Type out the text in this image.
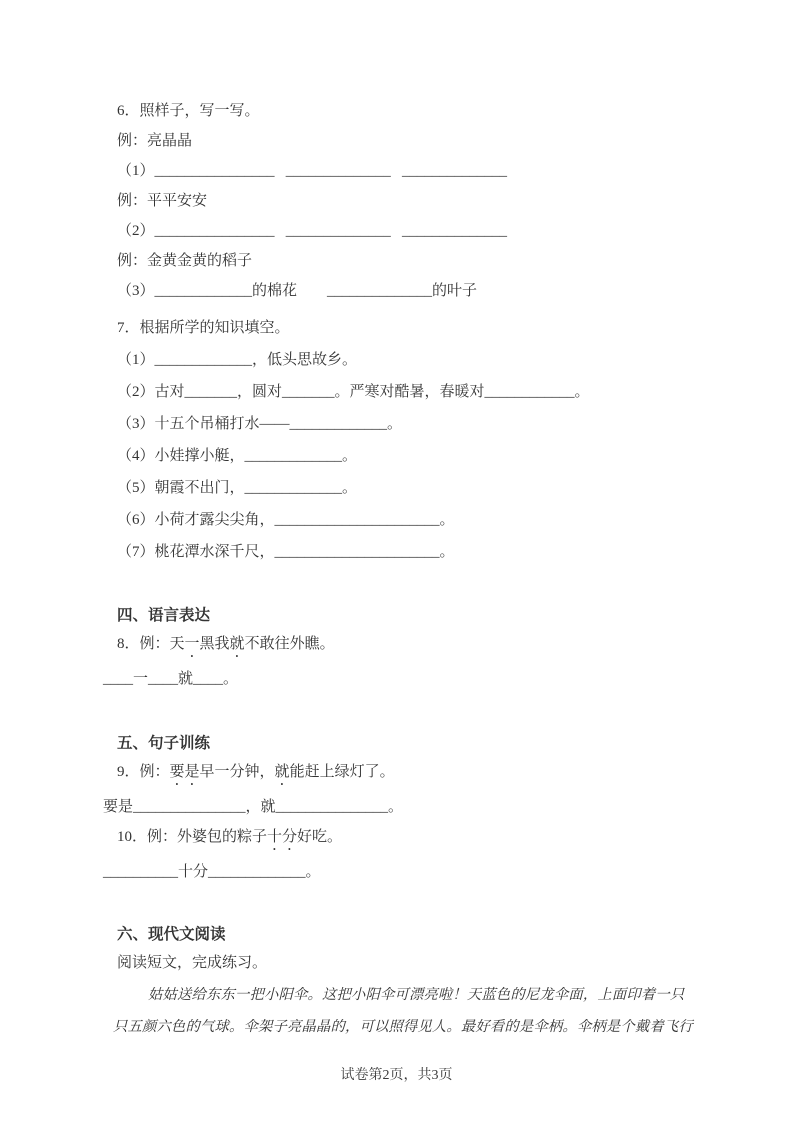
6．照样子，写一写。
例：亮晶晶
（1）________________   ______________   ______________
例：平平安安
（2）________________   ______________   ______________
例：金黄金黄的稻子
（3）_____________的棉花        ______________的叶子
7．根据所学的知识填空。
（1）_____________，低头思故乡。
（2）古对_______，圆对_______。严寒对酷暑，春暖对____________。
（3）十五个吊桶打水——_____________。
（4）小娃撑小艇，_____________。
（5）朝霞不出门，_____________。
（6）小荷才露尖尖角，______________________。
（7）桃花潭水深千尺，______________________。
四、语言表达
8．例：天一黑我就不敢往外瞧。
____一____就____。
五、句子训练
9．例：要是早一分钟，就能赶上绿灯了。
要是_______________，就_______________。
10．例：外婆包的粽子十分好吃。
__________十分_____________。
六、现代文阅读
阅读短文，完成练习。
姑姑送给东东一把小阳伞。这把小阳伞可漂亮啦！天蓝色的尼龙伞面，上面印着一只
只五颜六色的气球。伞架子亮晶晶的，可以照得见人。最好看的是伞柄。伞柄是个戴着飞行
试卷第2页，共3页
